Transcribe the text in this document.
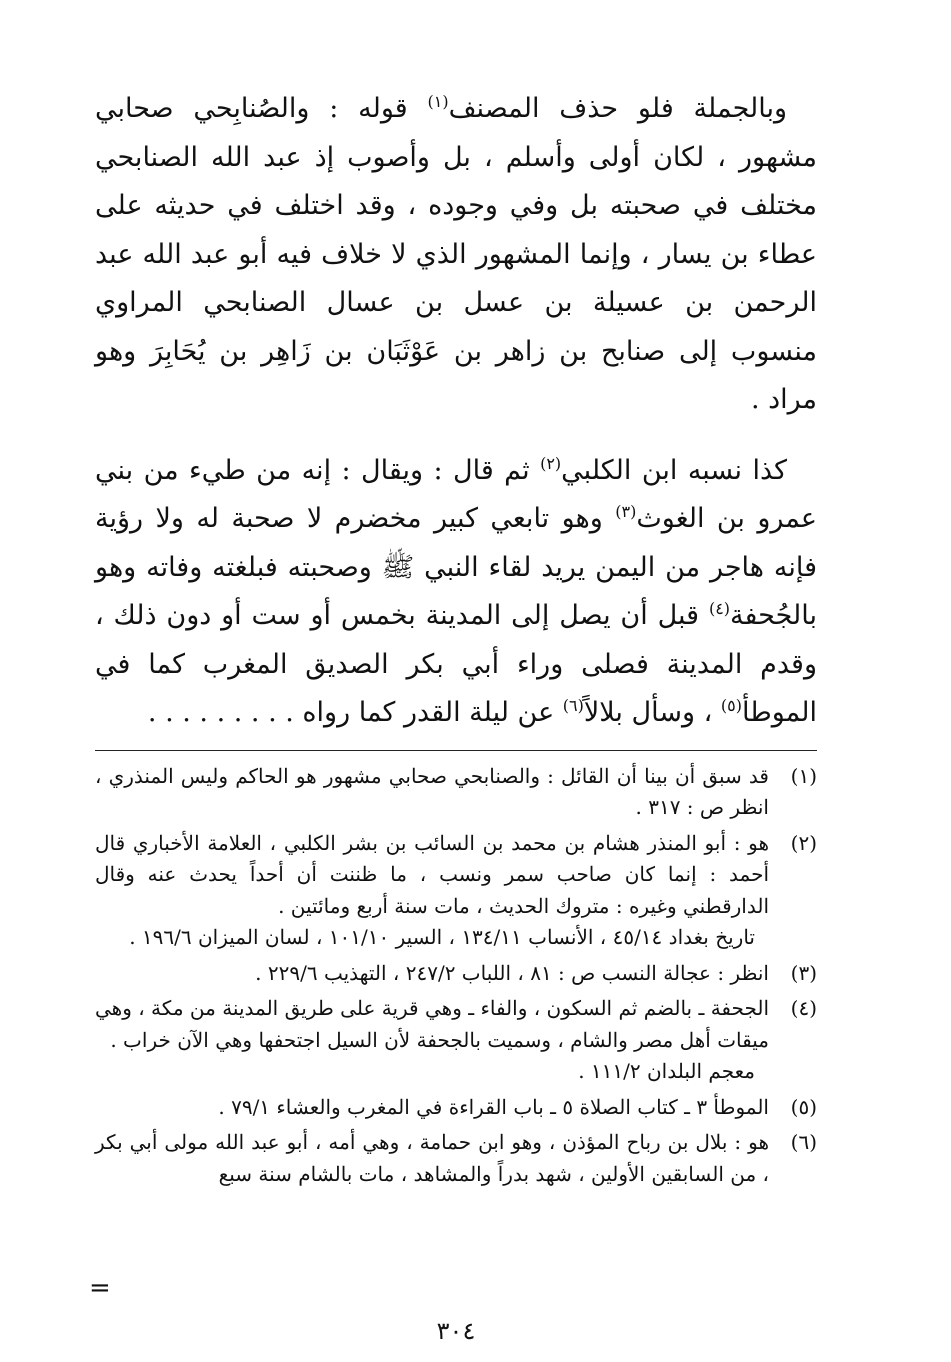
وبالجملة فلو حذف المصنف$^{(١)}$ قوله : والصُنابِحي صحابي مشهور ، لكان أولى وأسلم ، بل وأصوب إذ عبد الله الصنابحي مختلف في صحبته بل وفي وجوده ، وقد اختلف في حديثه على عطاء بن يسار ، وإنما المشهور الذي لا خلاف فيه أبو عبد الله عبد الرحمن بن عسيلة بن عسل بن عسال الصنابحي المراوي منسوب إلى صنابح بن زاهر بن عَوْثَبَان بن زَاهِر بن يُحَابِرَ وهو مراد .

كذا نسبه ابن الكلبي$^{(٢)}$ ثم قال : ويقال : إنه من طيء من بني عمرو بن الغوث$^{(٣)}$ وهو تابعي كبير مخضرم لا صحبة له ولا رؤية فإنه هاجر من اليمن يريد لقاء النبي ﷺ وصحبته فبلغته وفاته وهو بالجُحفة$^{(٤)}$ قبل أن يصل إلى المدينة بخمس أو ست أو دون ذلك ، وقدم المدينة فصلى وراء أبي بكر الصديق المغرب كما في الموطأ$^{(٥)}$ ، وسأل بلالاً$^{(٦)}$ عن ليلة القدر كما رواه . . . . . . . . .

(١)
قد سبق أن بينا أن القائل : والصنابحي صحابي مشهور هو الحاكم وليس المنذري ، انظر ص : ٣١٧ .
(٢)
هو : أبو المنذر هشام بن محمد بن السائب بن بشر الكلبي ، العلامة الأخباري قال أحمد : إنما كان صاحب سمر ونسب ، ما ظننت أن أحداً يحدث عنه وقال الدارقطني وغيره : متروك الحديث ، مات سنة أربع ومائتين .
تاريخ بغداد ٤٥/١٤ ، الأنساب ١٣٤/١١ ، السير ١٠١/١٠ ، لسان الميزان ١٩٦/٦ .
(٣)
انظر : عجالة النسب ص : ٨١ ، اللباب ٢٤٧/٢ ، التهذيب ٢٢٩/٦ .
(٤)
الجحفة ـ بالضم ثم السكون ، والفاء ـ وهي قرية على طريق المدينة من مكة ، وهي ميقات أهل مصر والشام ، وسميت بالجحفة لأن السيل اجتحفها وهي الآن خراب .
معجم البلدان ١١١/٢ .
(٥)
الموطأ ٣ ـ كتاب الصلاة ٥ ـ باب القراءة في المغرب والعشاء ٧٩/١ .
(٦)
هو : بلال بن رباح المؤذن ، وهو ابن حمامة ، وهي أمه ، أبو عبد الله مولى أبي بكر ، من السابقين الأولين ، شهد بدراً والمشاهد ، مات بالشام سنة سبع
=
٣٠٤
